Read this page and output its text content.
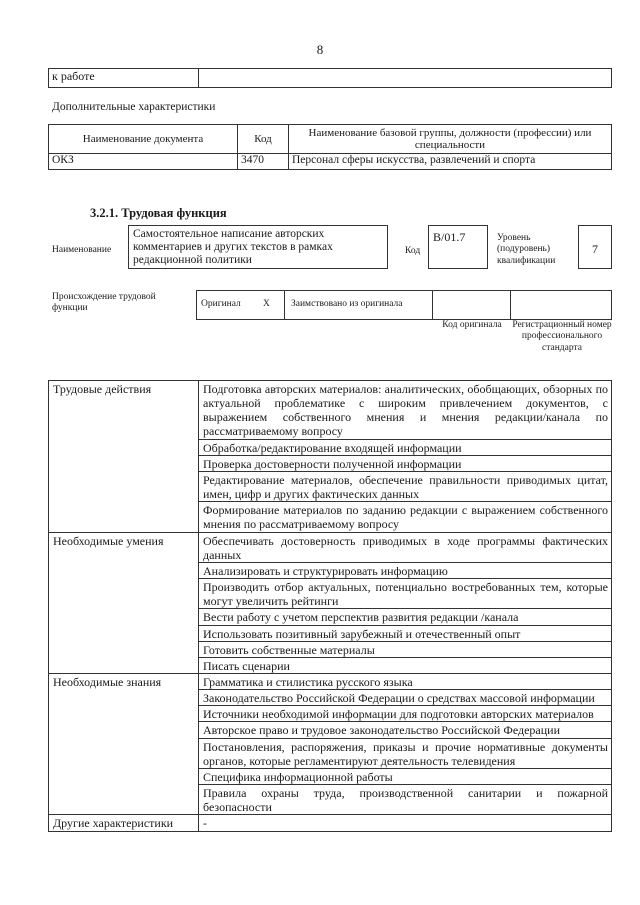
8
к работе	
Дополнительные характеристики
Наименование документа	Код	Наименование базовой группы, должности (профессии) или специальности
ОКЗ	3470	Персонал сферы искусства, развлечений и спорта
3.2.1. Трудовая функция
Наименование
Самостоятельное написание авторских комментариев и других текстов в рамках редакционной политики
Код
В/01.7	Уровень (подуровень) квалификации
7
Происхождение трудовой функции	Оригинал Х Заимствовано из оригинала
Код оригинала	Регистрационный номер профессионального стандарта
Трудовые действия	Подготовка авторских материалов: аналитических, обобщающих, обзорных по актуальной проблематике с широким привлечением документов, с выражением собственного мнения и мнения редакции/канала по рассматриваемому вопросу
	Обработка/редактирование входящей информации
	Проверка достоверности полученной информации
	Редактирование материалов, обеспечение правильности приводимых цитат, имен, цифр и других фактических данных
	Формирование материалов по заданию редакции с выражением собственного мнения по рассматриваемому вопросу
Необходимые умения	Обеспечивать достоверность приводимых в ходе программы фактических данных
	Анализировать и структурировать информацию
	Производить отбор актуальных, потенциально востребованных тем, которые могут увеличить рейтинги
	Вести работу с учетом перспектив развития редакции /канала
	Использовать позитивный зарубежный и отечественный опыт
	Готовить собственные материалы
	Писать сценарии
Необходимые знания	Грамматика и стилистика русского языка
	Законодательство Российской Федерации о средствах массовой информации
	Источники необходимой информации для подготовки авторских материалов
	Авторское право и трудовое законодательство Российской Федерации
	Постановления, распоряжения, приказы и прочие нормативные документы органов, которые регламентируют деятельность телевидения
	Специфика информационной работы
	Правила охраны труда, производственной санитарии и пожарной безопасности
Другие характеристики	-
